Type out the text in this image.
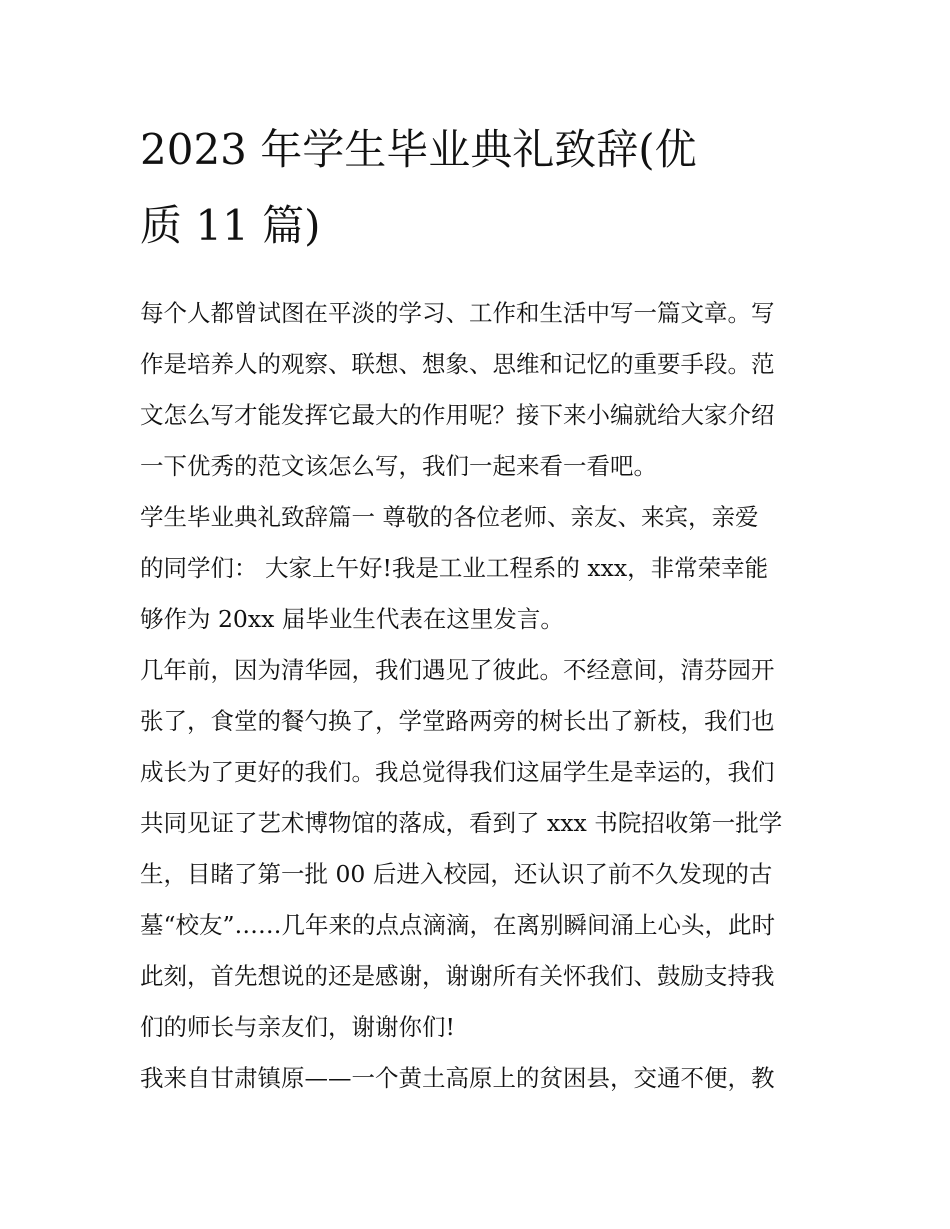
2023 年学生毕业典礼致辞(优
质 11 篇)
每个人都曾试图在平淡的学习、工作和生活中写一篇文章。写
作是培养人的观察、联想、想象、思维和记忆的重要手段。范
文怎么写才能发挥它最大的作用呢？接下来小编就给大家介绍
一下优秀的范文该怎么写，我们一起来看一看吧。
学生毕业典礼致辞篇一 尊敬的各位老师、亲友、来宾，亲爱
的同学们： 大家上午好!我是工业工程系的 xxx，非常荣幸能
够作为 20xx 届毕业生代表在这里发言。
几年前，因为清华园，我们遇见了彼此。不经意间，清芬园开
张了，食堂的餐勺换了，学堂路两旁的树长出了新枝，我们也
成长为了更好的我们。我总觉得我们这届学生是幸运的，我们
共同见证了艺术博物馆的落成，看到了 xxx 书院招收第一批学
生，目睹了第一批 00 后进入校园，还认识了前不久发现的古
墓“校友”……几年来的点点滴滴，在离别瞬间涌上心头，此时
此刻，首先想说的还是感谢，谢谢所有关怀我们、鼓励支持我
们的师长与亲友们，谢谢你们!
我来自甘肃镇原——一个黄土高原上的贫困县，交通不便，教
